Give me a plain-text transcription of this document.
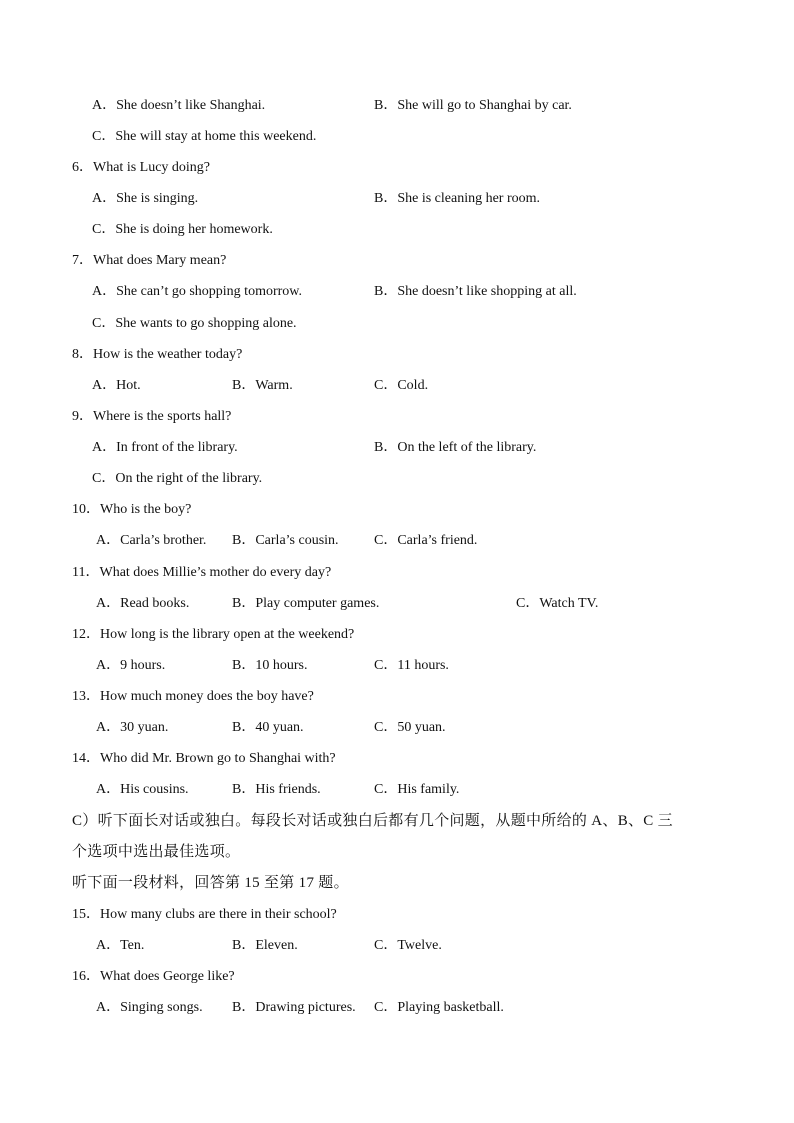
A．She doesn’t like Shanghai.	B．She will go to Shanghai by car.
C．She will stay at home this weekend.
6．What is Lucy doing?
A．She is singing.	B．She is cleaning her room.
C．She is doing her homework.
7．What does Mary mean?
A．She can’t go shopping tomorrow.	B．She doesn’t like shopping at all.
C．She wants to go shopping alone.
8．How is the weather today?
A．Hot.	B．Warm.	C．Cold.
9．Where is the sports hall?
A．In front of the library.	B．On the left of the library.
C．On the right of the library.
10．Who is the boy?
A．Carla’s brother. B．Carla’s cousin.	C．Carla’s friend.
11．What does Millie’s mother do every day?
A．Read books.	B．Play computer games.	C．Watch TV.
12．How long is the library open at the weekend?
A．9 hours.	B．10 hours.	C．11 hours.
13．How much money does the boy have?
A．30 yuan.	B．40 yuan.	C．50 yuan.
14．Who did Mr. Brown go to Shanghai with?
A．His cousins.	B．His friends.	C．His family.
C）听下面长对话或独白。每段长对话或独白后都有几个问题，从题中所给的 A、B、C 三
个选项中选出最佳选项。
听下面一段材料，回答第 15 至第 17 题。
15．How many clubs are there in their school?
A．Ten.	B．Eleven.	C．Twelve.
16．What does George like?
A．Singing songs. B．Drawing pictures. C．Playing basketball.
